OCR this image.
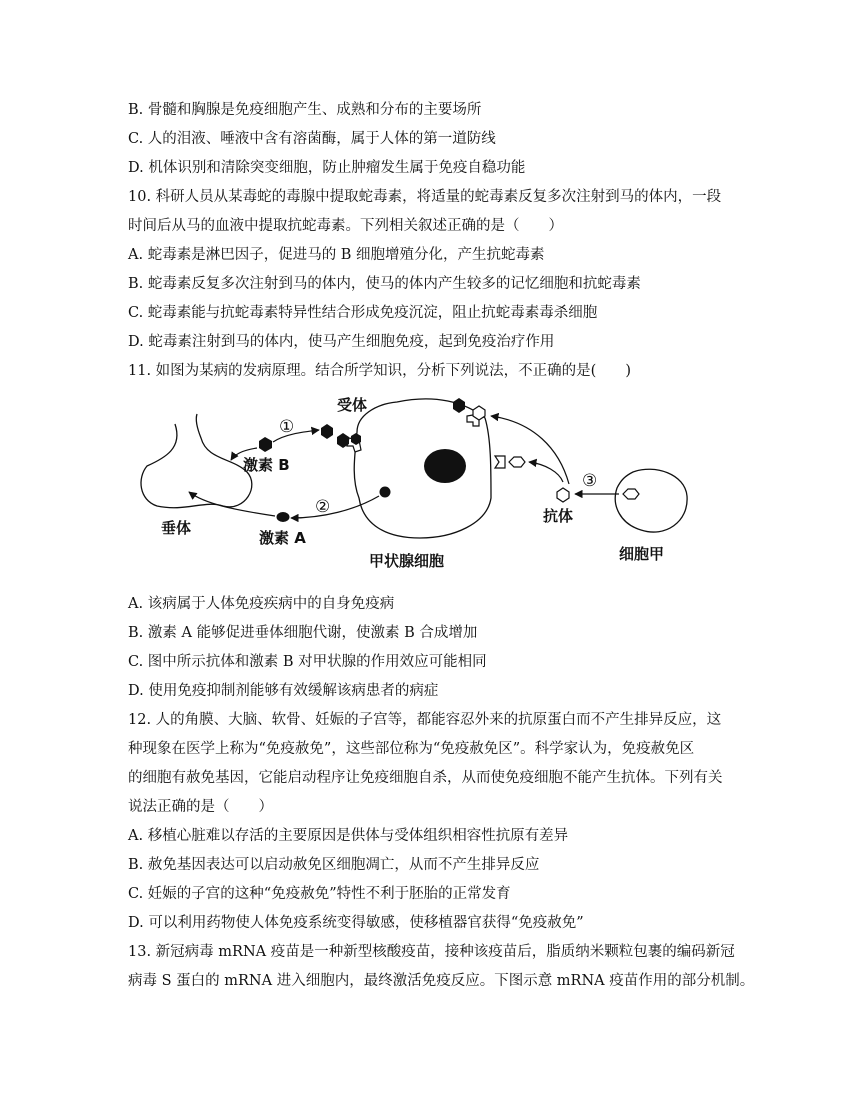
B. 骨髓和胸腺是免疫细胞产生、成熟和分布的主要场所
C. 人的泪液、唾液中含有溶菌酶，属于人体的第一道防线
D. 机体识别和清除突变细胞，防止肿瘤发生属于免疫自稳功能
10. 科研人员从某毒蛇的毒腺中提取蛇毒素，将适量的蛇毒素反复多次注射到马的体内，一段
时间后从马的血液中提取抗蛇毒素。下列相关叙述正确的是（　　）
A. 蛇毒素是淋巴因子，促进马的 B 细胞增殖分化，产生抗蛇毒素
B. 蛇毒素反复多次注射到马的体内，使马的体内产生较多的记忆细胞和抗蛇毒素
C. 蛇毒素能与抗蛇毒素特异性结合形成免疫沉淀，阻止抗蛇毒素毒杀细胞
D. 蛇毒素注射到马的体内，使马产生细胞免疫，起到免疫治疗作用
11. 如图为某病的发病原理。结合所学知识，分析下列说法，不正确的是(　　)
受体
①
激素 B
②
垂体
激素 A
甲状腺细胞
③
抗体
细胞甲
A. 该病属于人体免疫疾病中的自身免疫病
B. 激素 A 能够促进垂体细胞代谢，使激素 B 合成增加
C. 图中所示抗体和激素 B 对甲状腺的作用效应可能相同
D. 使用免疫抑制剂能够有效缓解该病患者的病症
12. 人的角膜、大脑、软骨、妊娠的子宫等，都能容忍外来的抗原蛋白而不产生排异反应，这
种现象在医学上称为“免疫赦免”，这些部位称为“免疫赦免区”。科学家认为，免疫赦免区
的细胞有赦免基因，它能启动程序让免疫细胞自杀，从而使免疫细胞不能产生抗体。下列有关
说法正确的是（　　）
A. 移植心脏难以存活的主要原因是供体与受体组织相容性抗原有差异
B. 赦免基因表达可以启动赦免区细胞凋亡，从而不产生排异反应
C. 妊娠的子宫的这种“免疫赦免”特性不利于胚胎的正常发育
D. 可以利用药物使人体免疫系统变得敏感，使移植器官获得“免疫赦免”
13. 新冠病毒 mRNA 疫苗是一种新型核酸疫苗，接种该疫苗后，脂质纳米颗粒包裹的编码新冠
病毒 S 蛋白的 mRNA 进入细胞内，最终激活免疫反应。下图示意 mRNA 疫苗作用的部分机制。
